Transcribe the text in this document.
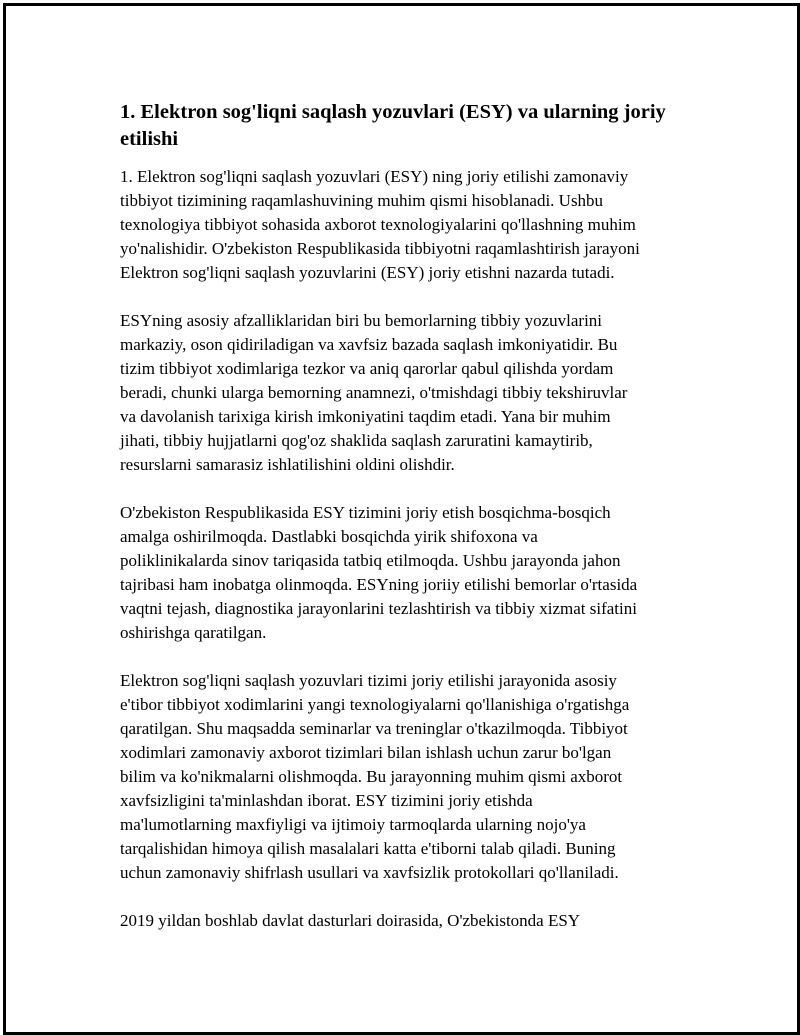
1. Elektron sog'liqni saqlash yozuvlari (ESY) va ularning joriy
etilishi

1. Elektron sog'liqni saqlash yozuvlari (ESY) ning joriy etilishi zamonaviy
tibbiyot tizimining raqamlashuvining muhim qismi hisoblanadi. Ushbu
texnologiya tibbiyot sohasida axborot texnologiyalarini qo'llashning muhim
yo'nalishidir. O'zbekiston Respublikasida tibbiyotni raqamlashtirish jarayoni
Elektron sog'liqni saqlash yozuvlarini (ESY) joriy etishni nazarda tutadi.

ESYning asosiy afzalliklaridan biri bu bemorlarning tibbiy yozuvlarini
markaziy, oson qidiriladigan va xavfsiz bazada saqlash imkoniyatidir. Bu
tizim tibbiyot xodimlariga tezkor va aniq qarorlar qabul qilishda yordam
beradi, chunki ularga bemorning anamnezi, o'tmishdagi tibbiy tekshiruvlar
va davolanish tarixiga kirish imkoniyatini taqdim etadi. Yana bir muhim
jihati, tibbiy hujjatlarni qog'oz shaklida saqlash zaruratini kamaytirib,
resurslarni samarasiz ishlatilishini oldini olishdir.

O'zbekiston Respublikasida ESY tizimini joriy etish bosqichma-bosqich
amalga oshirilmoqda. Dastlabki bosqichda yirik shifoxona va
poliklinikalarda sinov tariqasida tatbiq etilmoqda. Ushbu jarayonda jahon
tajribasi ham inobatga olinmoqda. ESYning joriiy etilishi bemorlar o'rtasida
vaqtni tejash, diagnostika jarayonlarini tezlashtirish va tibbiy xizmat sifatini
oshirishga qaratilgan.

Elektron sog'liqni saqlash yozuvlari tizimi joriy etilishi jarayonida asosiy
e'tibor tibbiyot xodimlarini yangi texnologiyalarni qo'llanishiga o'rgatishga
qaratilgan. Shu maqsadda seminarlar va treninglar o'tkazilmoqda. Tibbiyot
xodimlari zamonaviy axborot tizimlari bilan ishlash uchun zarur bo'lgan
bilim va ko'nikmalarni olishmoqda. Bu jarayonning muhim qismi axborot
xavfsizligini ta'minlashdan iborat. ESY tizimini joriy etishda
ma'lumotlarning maxfiyligi va ijtimoiy tarmoqlarda ularning nojo'ya
tarqalishidan himoya qilish masalalari katta e'tiborni talab qiladi. Buning
uchun zamonaviy shifrlash usullari va xavfsizlik protokollari qo'llaniladi.

2019 yildan boshlab davlat dasturlari doirasida, O'zbekistonda ESY
